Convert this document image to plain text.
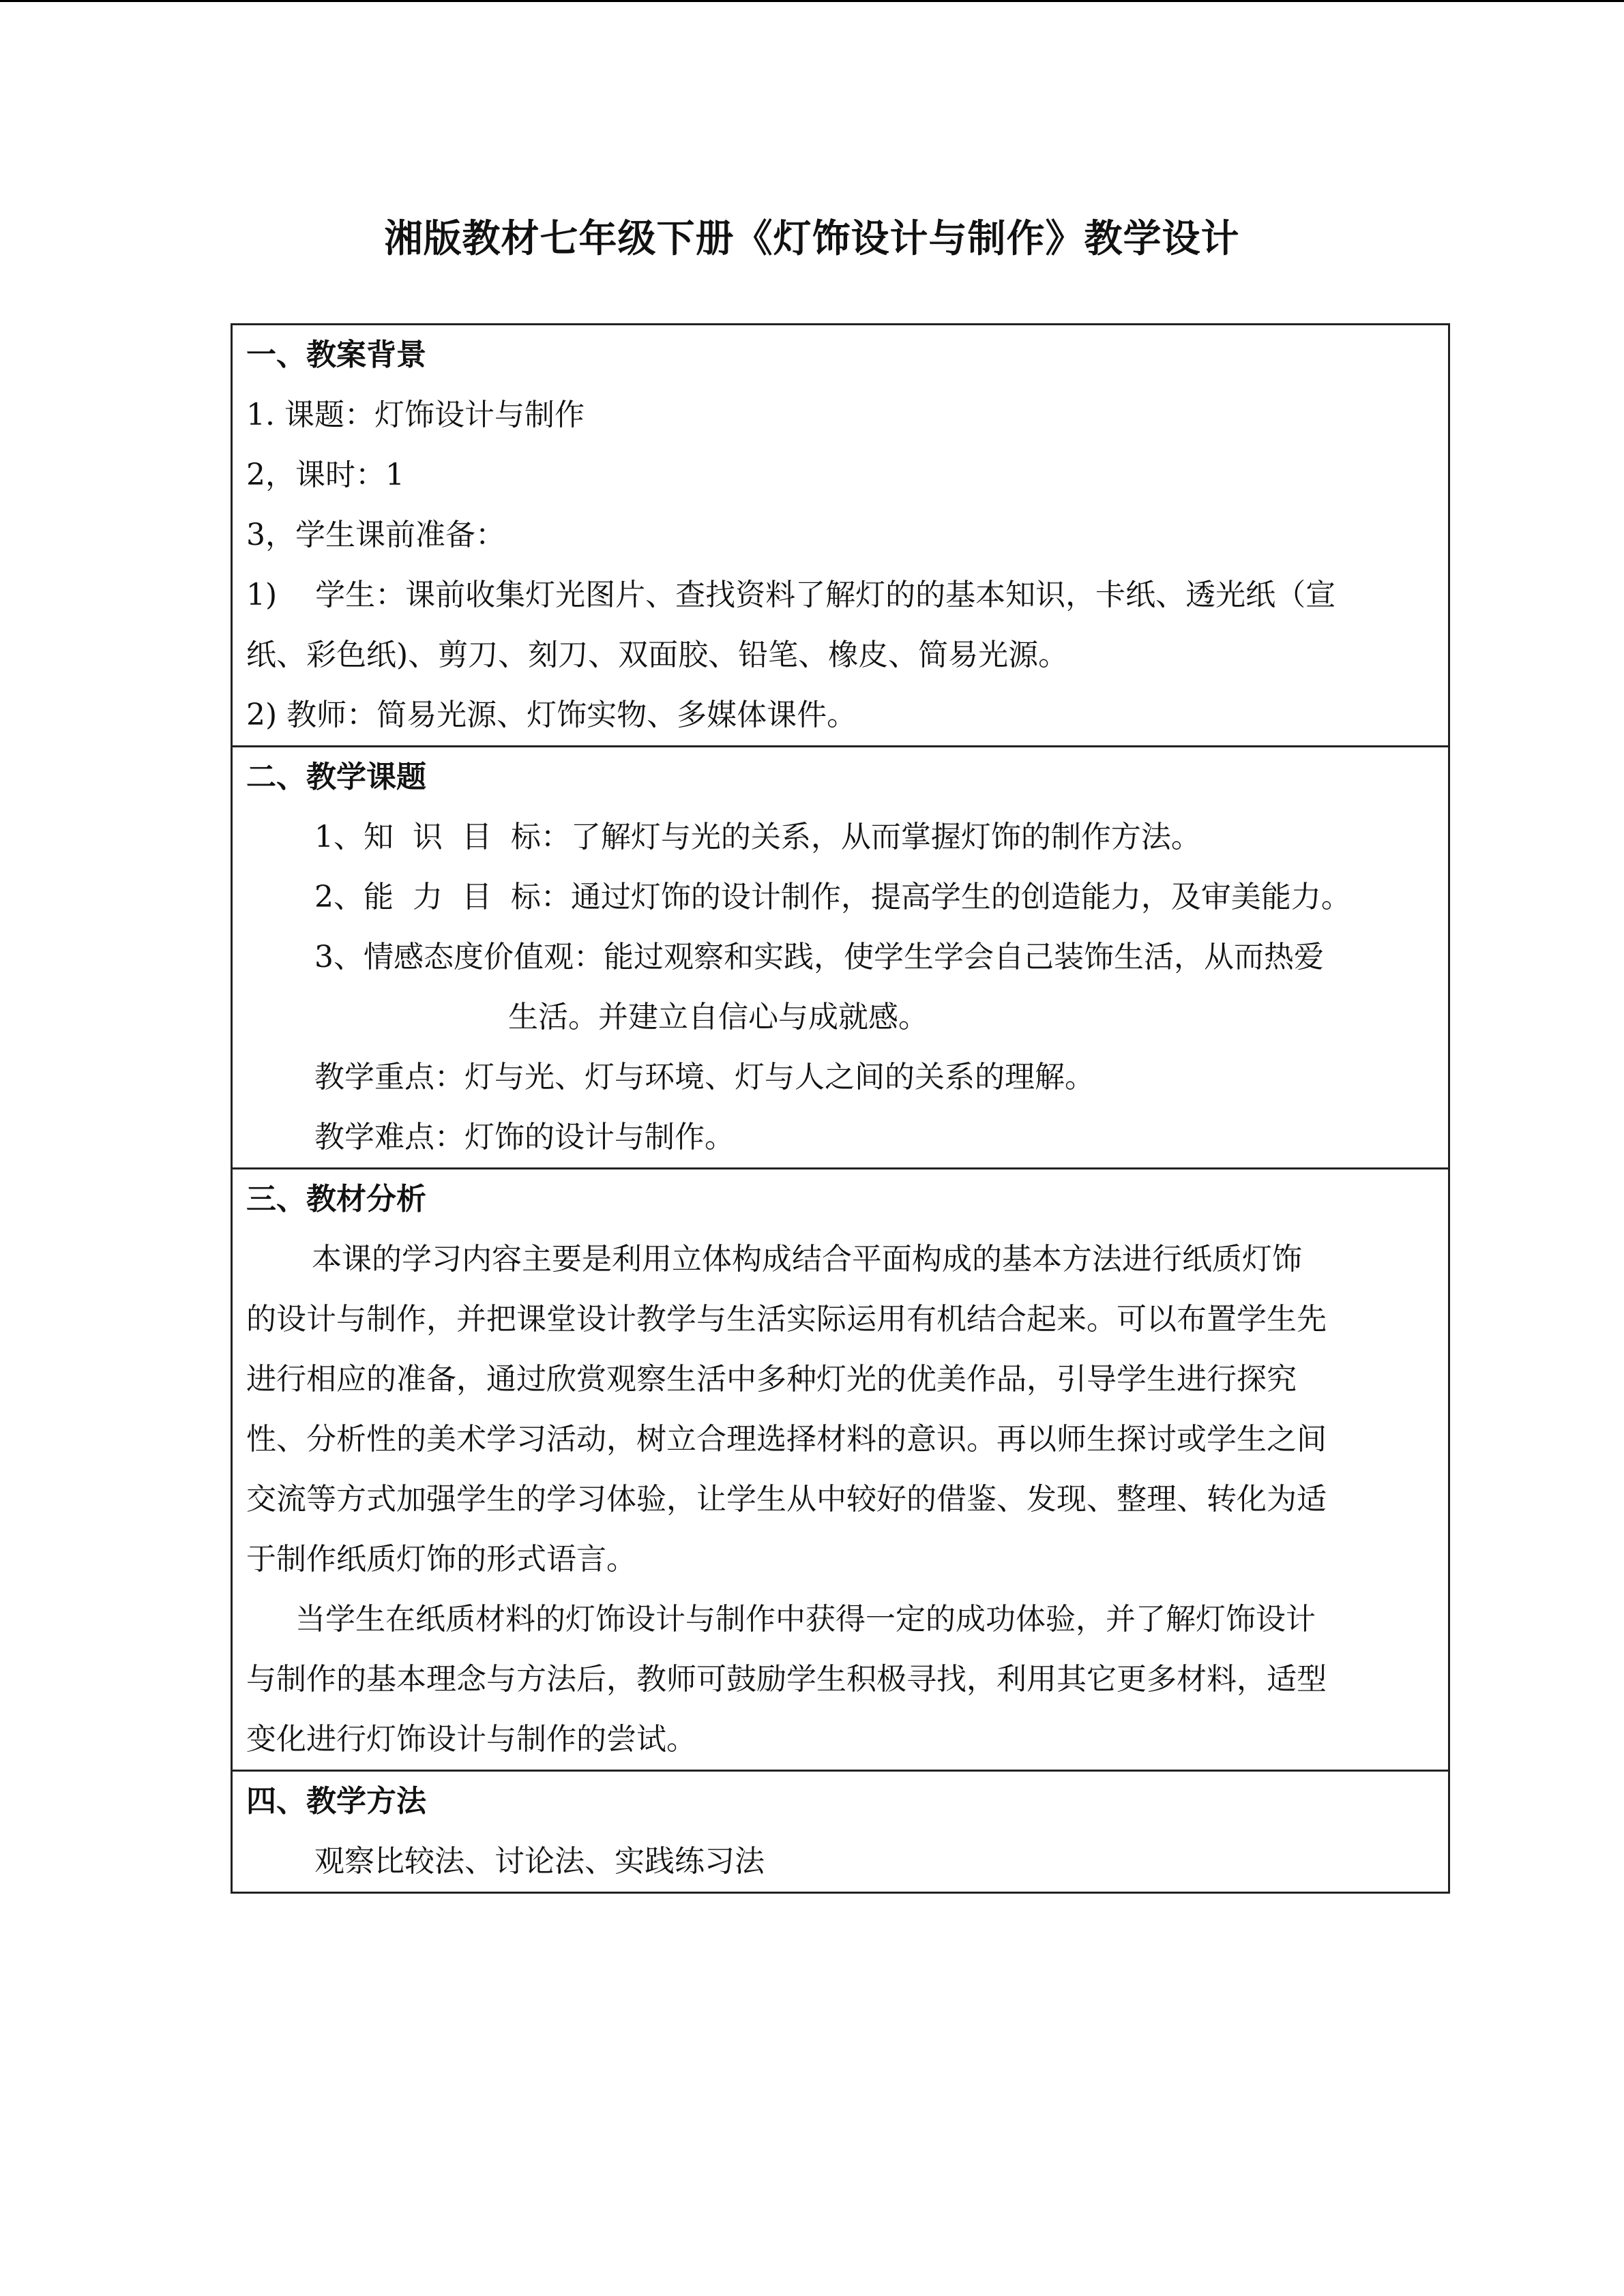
湘版教材七年级下册《灯饰设计与制作》教学设计
一、教案背景
1. 课题：灯饰设计与制作
2，课时：1
3，学生课前准备：
1)    学生：课前收集灯光图片、查找资料了解灯的的基本知识，卡纸、透光纸（宣
纸、彩色纸)、剪刀、刻刀、双面胶、铅笔、橡皮、简易光源。
2) 教师：简易光源、灯饰实物、多媒体课件。

二、教学课题
1、知  识  目  标：了解灯与光的关系，从而掌握灯饰的制作方法。
2、能  力  目  标：通过灯饰的设计制作，提高学生的创造能力，及审美能力。
3、情感态度价值观：能过观察和实践，使学生学会自己装饰生活，从而热爱
生活。并建立自信心与成就感。
教学重点：灯与光、灯与环境、灯与人之间的关系的理解。
教学难点：灯饰的设计与制作。

三、教材分析
本课的学习内容主要是利用立体构成结合平面构成的基本方法进行纸质灯饰
的设计与制作，并把课堂设计教学与生活实际运用有机结合起来。可以布置学生先
进行相应的准备，通过欣赏观察生活中多种灯光的优美作品，引导学生进行探究
性、分析性的美术学习活动，树立合理选择材料的意识。再以师生探讨或学生之间
交流等方式加强学生的学习体验，让学生从中较好的借鉴、发现、整理、转化为适
于制作纸质灯饰的形式语言。
当学生在纸质材料的灯饰设计与制作中获得一定的成功体验，并了解灯饰设计
与制作的基本理念与方法后，教师可鼓励学生积极寻找，利用其它更多材料，适型
变化进行灯饰设计与制作的尝试。

四、教学方法
观察比较法、讨论法、实践练习法
